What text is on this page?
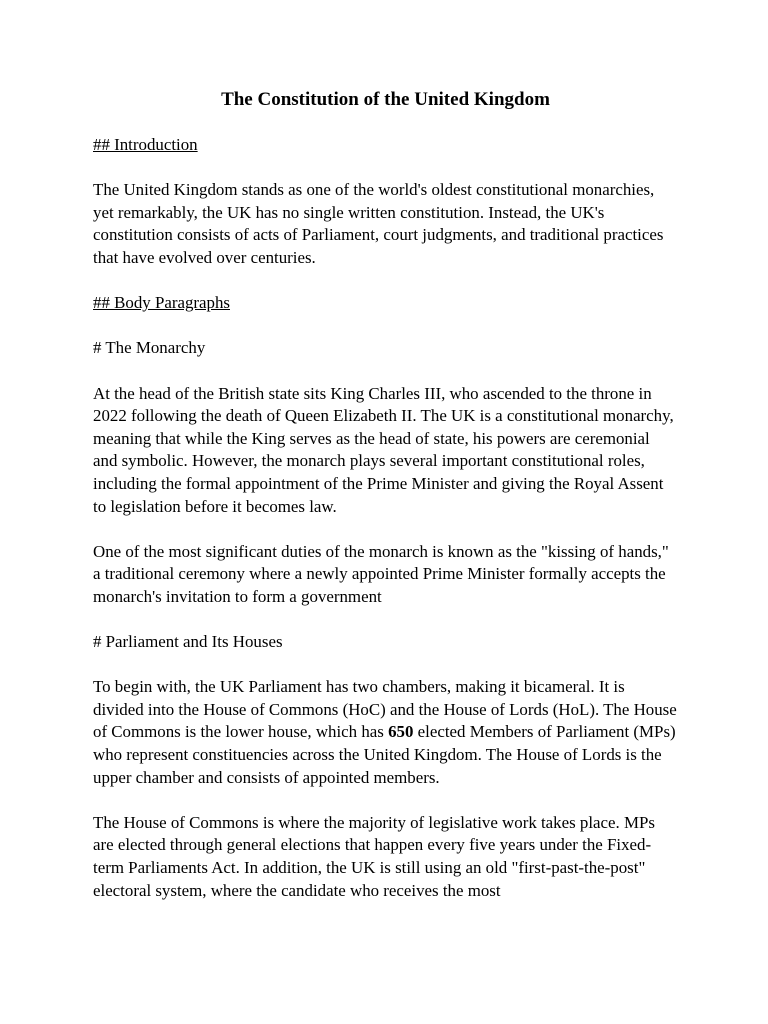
The Constitution of the United Kingdom

## Introduction

The United Kingdom stands as one of the world's oldest constitutional monarchies, yet remarkably, the UK has no single written constitution. Instead, the UK's constitution consists of acts of Parliament, court judgments, and traditional practices that have evolved over centuries.

## Body Paragraphs

# The Monarchy

At the head of the British state sits King Charles III, who ascended to the throne in 2022 following the death of Queen Elizabeth II. The UK is a constitutional monarchy, meaning that while the King serves as the head of state, his powers are ceremonial and symbolic. However, the monarch plays several important constitutional roles, including the formal appointment of the Prime Minister and giving the Royal Assent to legislation before it becomes law.

One of the most significant duties of the monarch is known as the "kissing of hands," a traditional ceremony where a newly appointed Prime Minister formally accepts the monarch's invitation to form a government

# Parliament and Its Houses

To begin with, the UK Parliament has two chambers, making it bicameral. It is divided into the House of Commons (HoC) and the House of Lords (HoL). The House of Commons is the lower house, which has 650 elected Members of Parliament (MPs) who represent constituencies across the United Kingdom. The House of Lords is the upper chamber and consists of appointed members.

The House of Commons is where the majority of legislative work takes place. MPs are elected through general elections that happen every five years under the Fixed-term Parliaments Act. In addition, the UK is still using an old "first-past-the-post" electoral system, where the candidate who receives the most
